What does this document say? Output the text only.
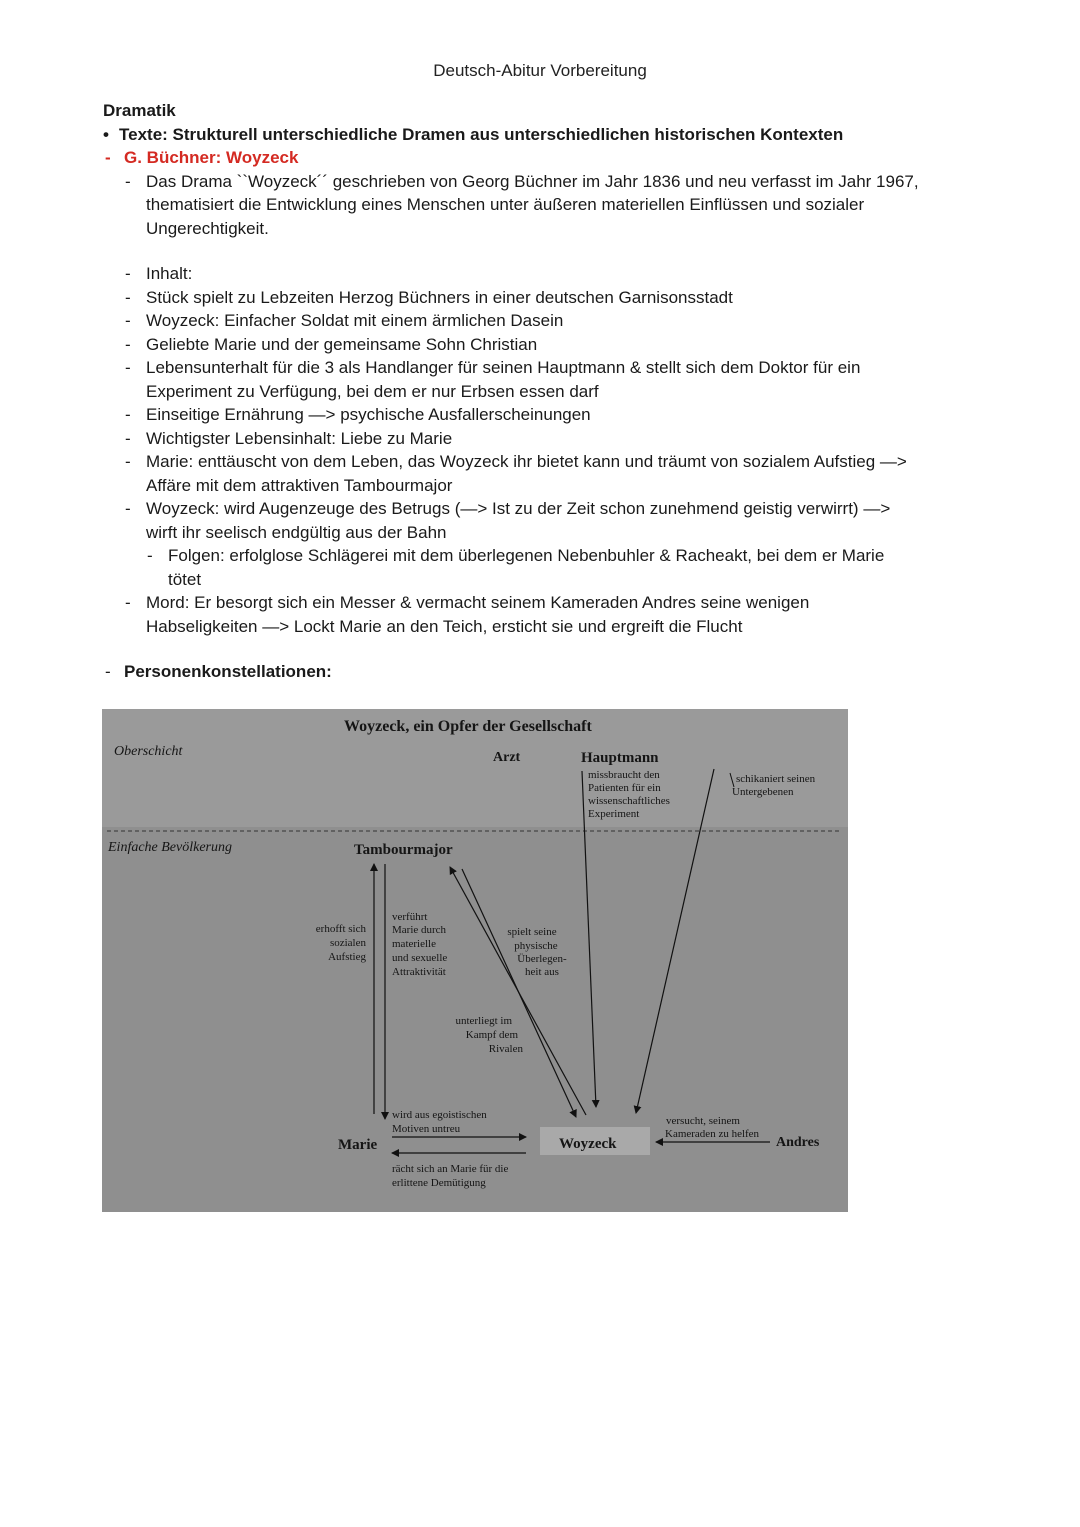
Deutsch-Abitur Vorbereitung
Dramatik
• Texte: Strukturell unterschiedliche Dramen aus unterschiedlichen historischen Kontexten
- G. Büchner: Woyzeck
- Das Drama ``Woyzeck´´ geschrieben von Georg Büchner im Jahr 1836 und neu verfasst im Jahr 1967,
thematisiert die Entwicklung eines Menschen unter äußeren materiellen Einflüssen und sozialer
Ungerechtigkeit.
- Inhalt:
- Stück spielt zu Lebzeiten Herzog Büchners in einer deutschen Garnisonsstadt
- Woyzeck: Einfacher Soldat mit einem ärmlichen Dasein
- Geliebte Marie und der gemeinsame Sohn Christian
- Lebensunterhalt für die 3 als Handlanger für seinen Hauptmann & stellt sich dem Doktor für ein
Experiment zu Verfügung, bei dem er nur Erbsen essen darf
- Einseitige Ernährung —> psychische Ausfallerscheinungen
- Wichtigster Lebensinhalt: Liebe zu Marie
- Marie: enttäuscht von dem Leben, das Woyzeck ihr bietet kann und träumt von sozialem Aufstieg —>
Affäre mit dem attraktiven Tambourmajor
- Woyzeck: wird Augenzeuge des Betrugs (—> Ist zu der Zeit schon zunehmend geistig verwirrt) —>
wirft ihr seelisch endgültig aus der Bahn
- Folgen: erfolglose Schlägerei mit dem überlegenen Nebenbuhler & Racheakt, bei dem er Marie
tötet
- Mord: Er besorgt sich ein Messer & vermacht seinem Kameraden Andres seine wenigen
Habseligkeiten —> Lockt Marie an den Teich, ersticht sie und ergreift die Flucht
- Personenkonstellationen:
Woyzeck, ein Opfer der Gesellschaft
Oberschicht
Einfache Bevölkerung
Arzt	Hauptmann
Tambourmajor
Marie	Woyzeck	Andres
missbraucht den
Patienten für ein
wissenschaftliches
Experiment
schikaniert seinen
Untergebenen
erhofft sich
sozialen
Aufstieg
verführt
Marie durch
materielle
und sexuelle
Attraktivität
spielt seine
physische
Überlegen-
heit aus
unterliegt im
Kampf dem
Rivalen
wird aus egoistischen
Motiven untreu
rächt sich an Marie für die
erlittene Demütigung
versucht, seinem
Kameraden zu helfen
